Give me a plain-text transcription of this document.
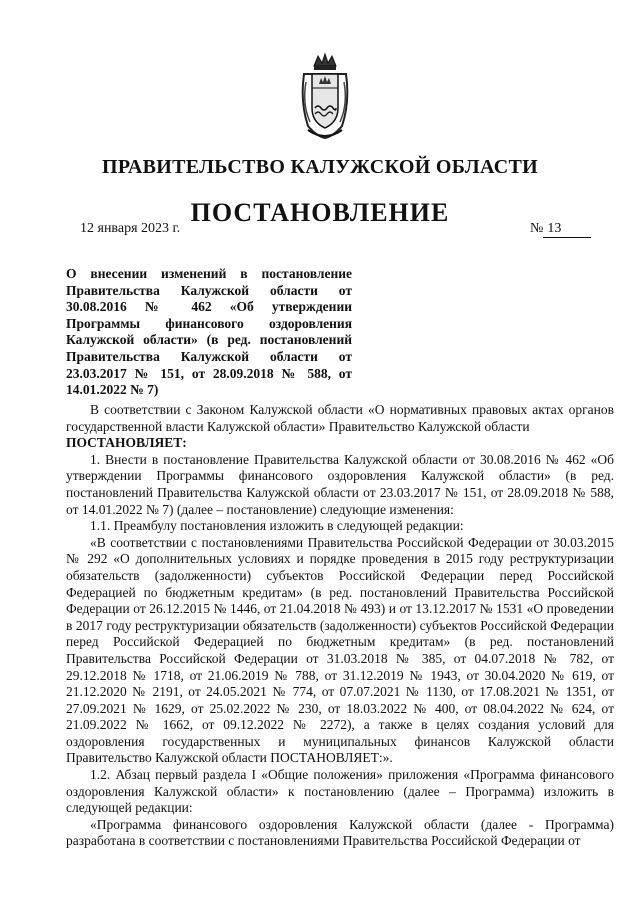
ПРАВИТЕЛЬСТВО КАЛУЖСКОЙ ОБЛАСТИ
ПОСТАНОВЛЕНИЕ
12 января 2023 г.	№ 13
О внесении изменений в постановление Правительства Калужской области от 30.08.2016 № 462 «Об утверждении Программы финансового оздоровления Калужской области» (в ред. постановлений Правительства Калужской области от 23.03.2017 № 151, от 28.09.2018 № 588, от 14.01.2022 № 7)

В соответствии с Законом Калужской области «О нормативных правовых актах органов государственной власти Калужской области» Правительство Калужской области

ПОСТАНОВЛЯЕТ:

1. Внести в постановление Правительства Калужской области от 30.08.2016 № 462 «Об утверждении Программы финансового оздоровления Калужской области» (в ред. постановлений Правительства Калужской области от 23.03.2017 № 151, от 28.09.2018 № 588, от 14.01.2022 № 7) (далее – постановление) следующие изменения:

1.1. Преамбулу постановления изложить в следующей редакции:

«В соответствии с постановлениями Правительства Российской Федерации от 30.03.2015 № 292 «О дополнительных условиях и порядке проведения в 2015 году реструктуризации обязательств (задолженности) субъектов Российской Федерации перед Российской Федерацией по бюджетным кредитам» (в ред. постановлений Правительства Российской Федерации от 26.12.2015 № 1446, от 21.04.2018 № 493) и от 13.12.2017 № 1531 «О проведении в 2017 году реструктуризации обязательств (задолженности) субъектов Российской Федерации перед Российской Федерацией по бюджетным кредитам» (в ред. постановлений Правительства Российской Федерации от 31.03.2018 № 385, от 04.07.2018 № 782, от 29.12.2018 № 1718, от 21.06.2019 № 788, от 31.12.2019 № 1943, от 30.04.2020 № 619, от 21.12.2020 № 2191, от 24.05.2021 № 774, от 07.07.2021 № 1130, от 17.08.2021 № 1351, от 27.09.2021 № 1629, от 25.02.2022 № 230, от 18.03.2022 № 400, от 08.04.2022 № 624, от 21.09.2022 № 1662, от 09.12.2022 № 2272), а также в целях создания условий для оздоровления государственных и муниципальных финансов Калужской области Правительство Калужской области ПОСТАНОВЛЯЕТ:».

1.2. Абзац первый раздела I «Общие положения» приложения «Программа финансового оздоровления Калужской области» к постановлению (далее – Программа) изложить в следующей редакции:

«Программа финансового оздоровления Калужской области (далее - Программа) разработана в соответствии с постановлениями Правительства Российской Федерации от
